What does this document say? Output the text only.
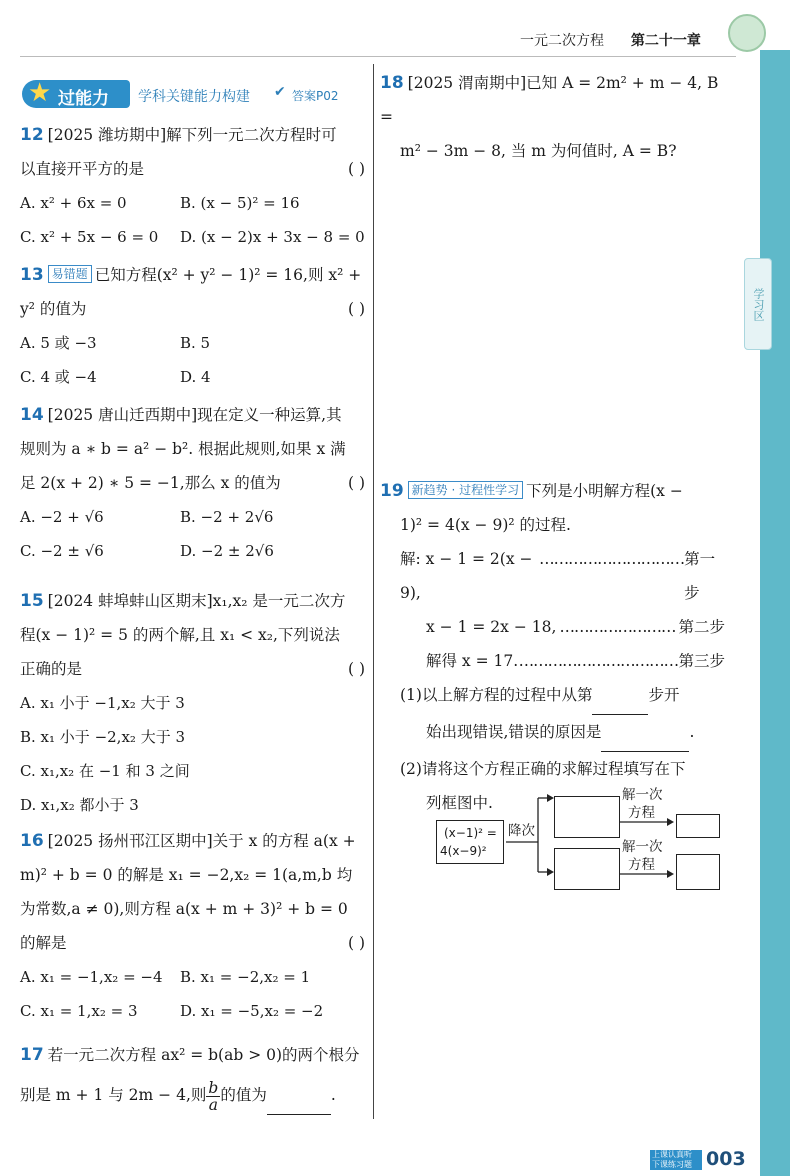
一元二次方程 第二十一章
学习区
★ 过能力 学科关键能力构建 ✔ 答案P02
12 [2025 潍坊期中]解下列一元二次方程时可
以直接开平方的是	( )
A. x² + 6x = 0	B. (x − 5)² = 16
C. x² + 5x − 6 = 0	D. (x − 2)x + 3x − 8 = 0
13 易错题 已知方程(x² + y² − 1)² = 16,则 x² +
y² 的值为	( )
A. 5 或 −3	B. 5
C. 4 或 −4	D. 4
14 [2025 唐山迁西期中]现在定义一种运算,其
规则为 a ∗ b = a² − b². 根据此规则,如果 x 满
足 2(x + 2) ∗ 5 = −1,那么 x 的值为	( )
A. −2 + √6	B. −2 + 2√6
C. −2 ± √6	D. −2 ± 2√6
15 [2024 蚌埠蚌山区期末]x₁,x₂ 是一元二次方
程(x − 1)² = 5 的两个解,且 x₁ < x₂,下列说法
正确的是	( )
A. x₁ 小于 −1,x₂ 大于 3
B. x₁ 小于 −2,x₂ 大于 3
C. x₁,x₂ 在 −1 和 3 之间
D. x₁,x₂ 都小于 3
16 [2025 扬州邗江区期中]关于 x 的方程 a(x +
m)² + b = 0 的解是 x₁ = −2,x₂ = 1(a,m,b 均
为常数,a ≠ 0),则方程 a(x + m + 3)² + b = 0
的解是	( )
A. x₁ = −1,x₂ = −4	B. x₁ = −2,x₂ = 1
C. x₁ = 1,x₂ = 3	D. x₁ = −5,x₂ = −2
17 若一元二次方程 ax² = b(ab > 0)的两个根分
别是 m + 1 与 2m − 4,则 $\frac{b}{a}$ 的值为	.
18 [2025 渭南期中]已知 A = 2m² + m − 4, B =
m² − 3m − 8, 当 m 为何值时, A = B?
19 新趋势 · 过程性学习 下列是小明解方程(x −
1)² = 4(x − 9)² 的过程.
解: x − 1 = 2(x − 9),
………………………… 第一步
x − 1 = 2x − 18, …………………… 第二步
解得 x = 17. …………………………… 第三步
(1)以上解方程的过程中从第	步开
始出现错误,错误的原因是	.
(2)请将这个方程正确的求解过程填写在下
列框图中.
(x−1)² =
4(x−9)²
降次
解一次
方程
解一次
方程
上课认真听
下课练习题 003
